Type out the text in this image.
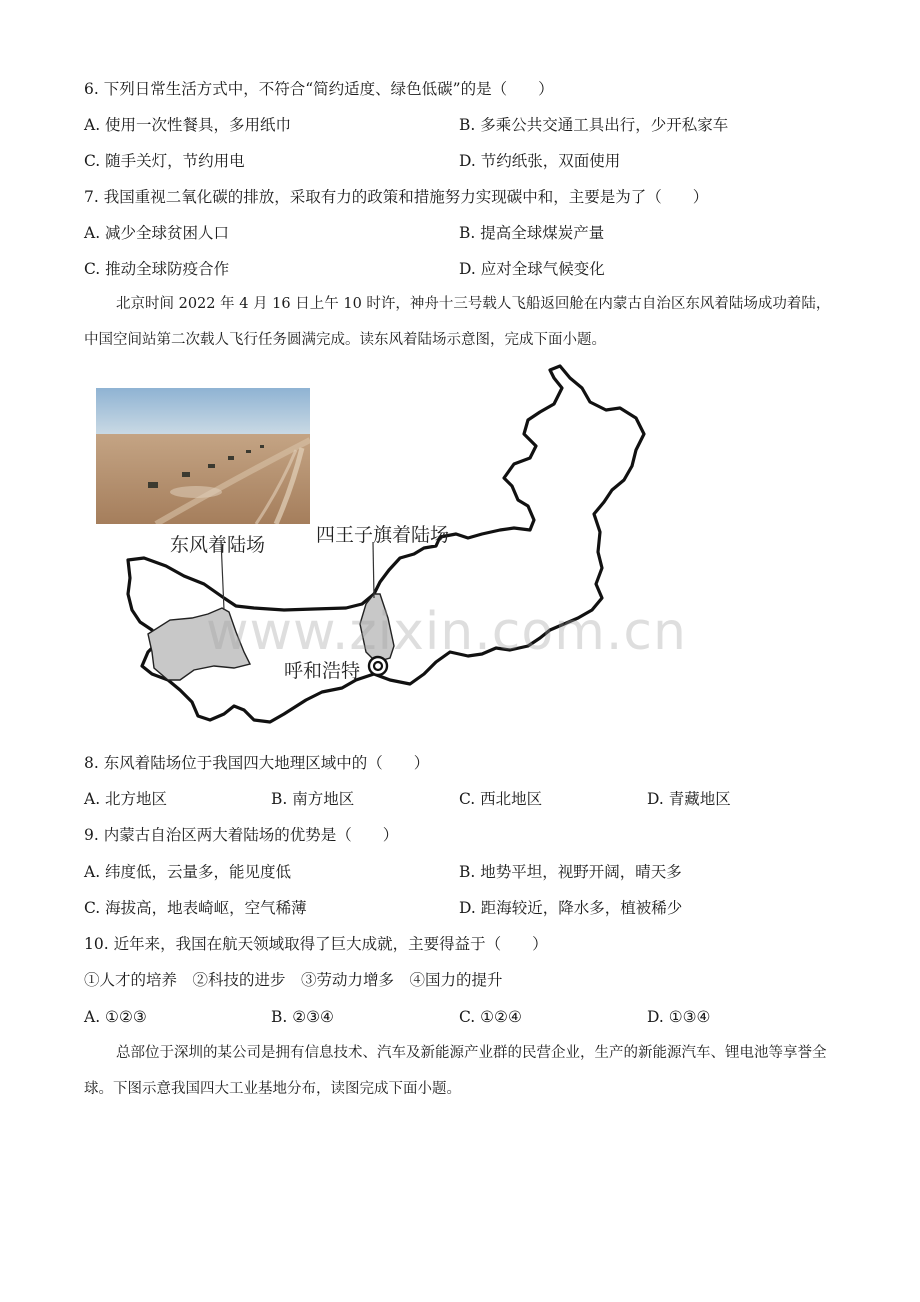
6. 下列日常生活方式中，不符合“简约适度、绿色低碳”的是（　　）
A. 使用一次性餐具，多用纸巾	B. 多乘公共交通工具出行，少开私家车
C. 随手关灯，节约用电	D. 节约纸张，双面使用
7. 我国重视二氧化碳的排放，采取有力的政策和措施努力实现碳中和，主要是为了（　　）
A. 减少全球贫困人口	B. 提高全球煤炭产量
C. 推动全球防疫合作	D. 应对全球气候变化
北京时间 2022 年 4 月 16 日上午 10 时许，神舟十三号载人飞船返回舱在内蒙古自治区东风着陆场成功着陆，中国空间站第二次载人飞行任务圆满完成。读东风着陆场示意图，完成下面小题。
东风着陆场	四王子旗着陆场
呼和浩特
www.zixin.com.cn
8. 东风着陆场位于我国四大地理区域中的（　　）
A. 北方地区	B. 南方地区	C. 西北地区	D. 青藏地区
9. 内蒙古自治区两大着陆场的优势是（　　）
A. 纬度低，云量多，能见度低	B. 地势平坦，视野开阔，晴天多
C. 海拔高，地表崎岖，空气稀薄	D. 距海较近，降水多，植被稀少
10. 近年来，我国在航天领域取得了巨大成就，主要得益于（　　）
①人才的培养　②科技的进步　③劳动力增多　④国力的提升
A. ①②③	B. ②③④	C. ①②④	D. ①③④
总部位于深圳的某公司是拥有信息技术、汽车及新能源产业群的民营企业，生产的新能源汽车、锂电池等享誉全球。下图示意我国四大工业基地分布，读图完成下面小题。
